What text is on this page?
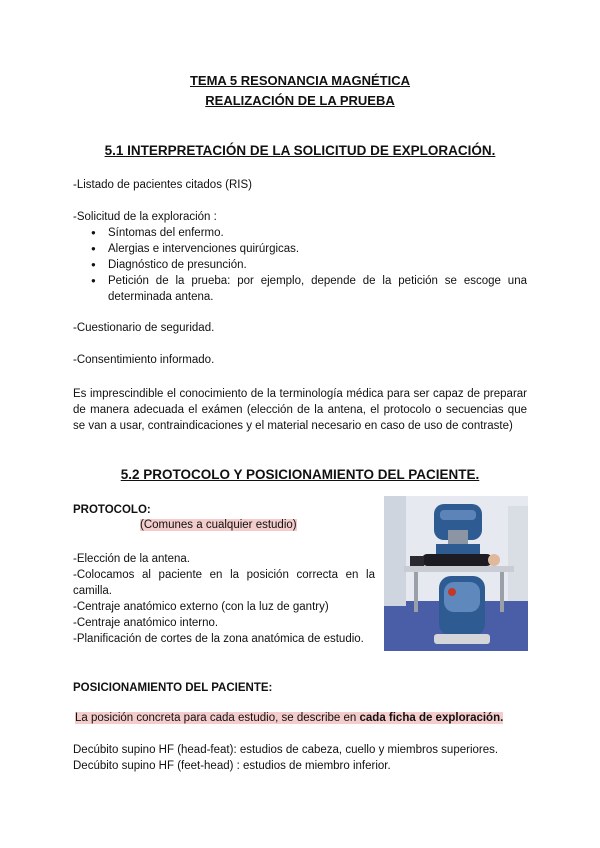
TEMA 5 RESONANCIA MAGNÉTICA
REALIZACIÓN DE LA PRUEBA
5.1 INTERPRETACIÓN DE LA SOLICITUD DE EXPLORACIÓN.
-Listado de pacientes citados (RIS)
-Solicitud de la exploración :
● Síntomas del enfermo.
● Alergias e intervenciones quirúrgicas.
● Diagnóstico de presunción.
● Petición de la prueba: por ejemplo, depende de la petición se escoge una determinada antena.
-Cuestionario de seguridad.
-Consentimiento informado.
Es imprescindible el conocimiento de la terminología médica para ser capaz de preparar de manera adecuada el exámen (elección de la antena, el protocolo o secuencias que se van a usar, contraindicaciones y el material necesario en caso de uso de contraste)
5.2 PROTOCOLO Y POSICIONAMIENTO DEL PACIENTE.
PROTOCOLO:
(Comunes a cualquier estudio)
-Elección de la antena.
-Colocamos al paciente en la posición correcta en la camilla.
-Centraje anatómico externo (con la luz de gantry)
-Centraje anatómico interno.
-Planificación de cortes de la zona anatómica de estudio.
POSICIONAMIENTO DEL PACIENTE:
La posición concreta para cada estudio, se describe en cada ficha de exploración.
Decúbito supino HF (head-feat): estudios de cabeza, cuello y miembros superiores.
Decúbito supino HF (feet-head) : estudios de miembro inferior.
